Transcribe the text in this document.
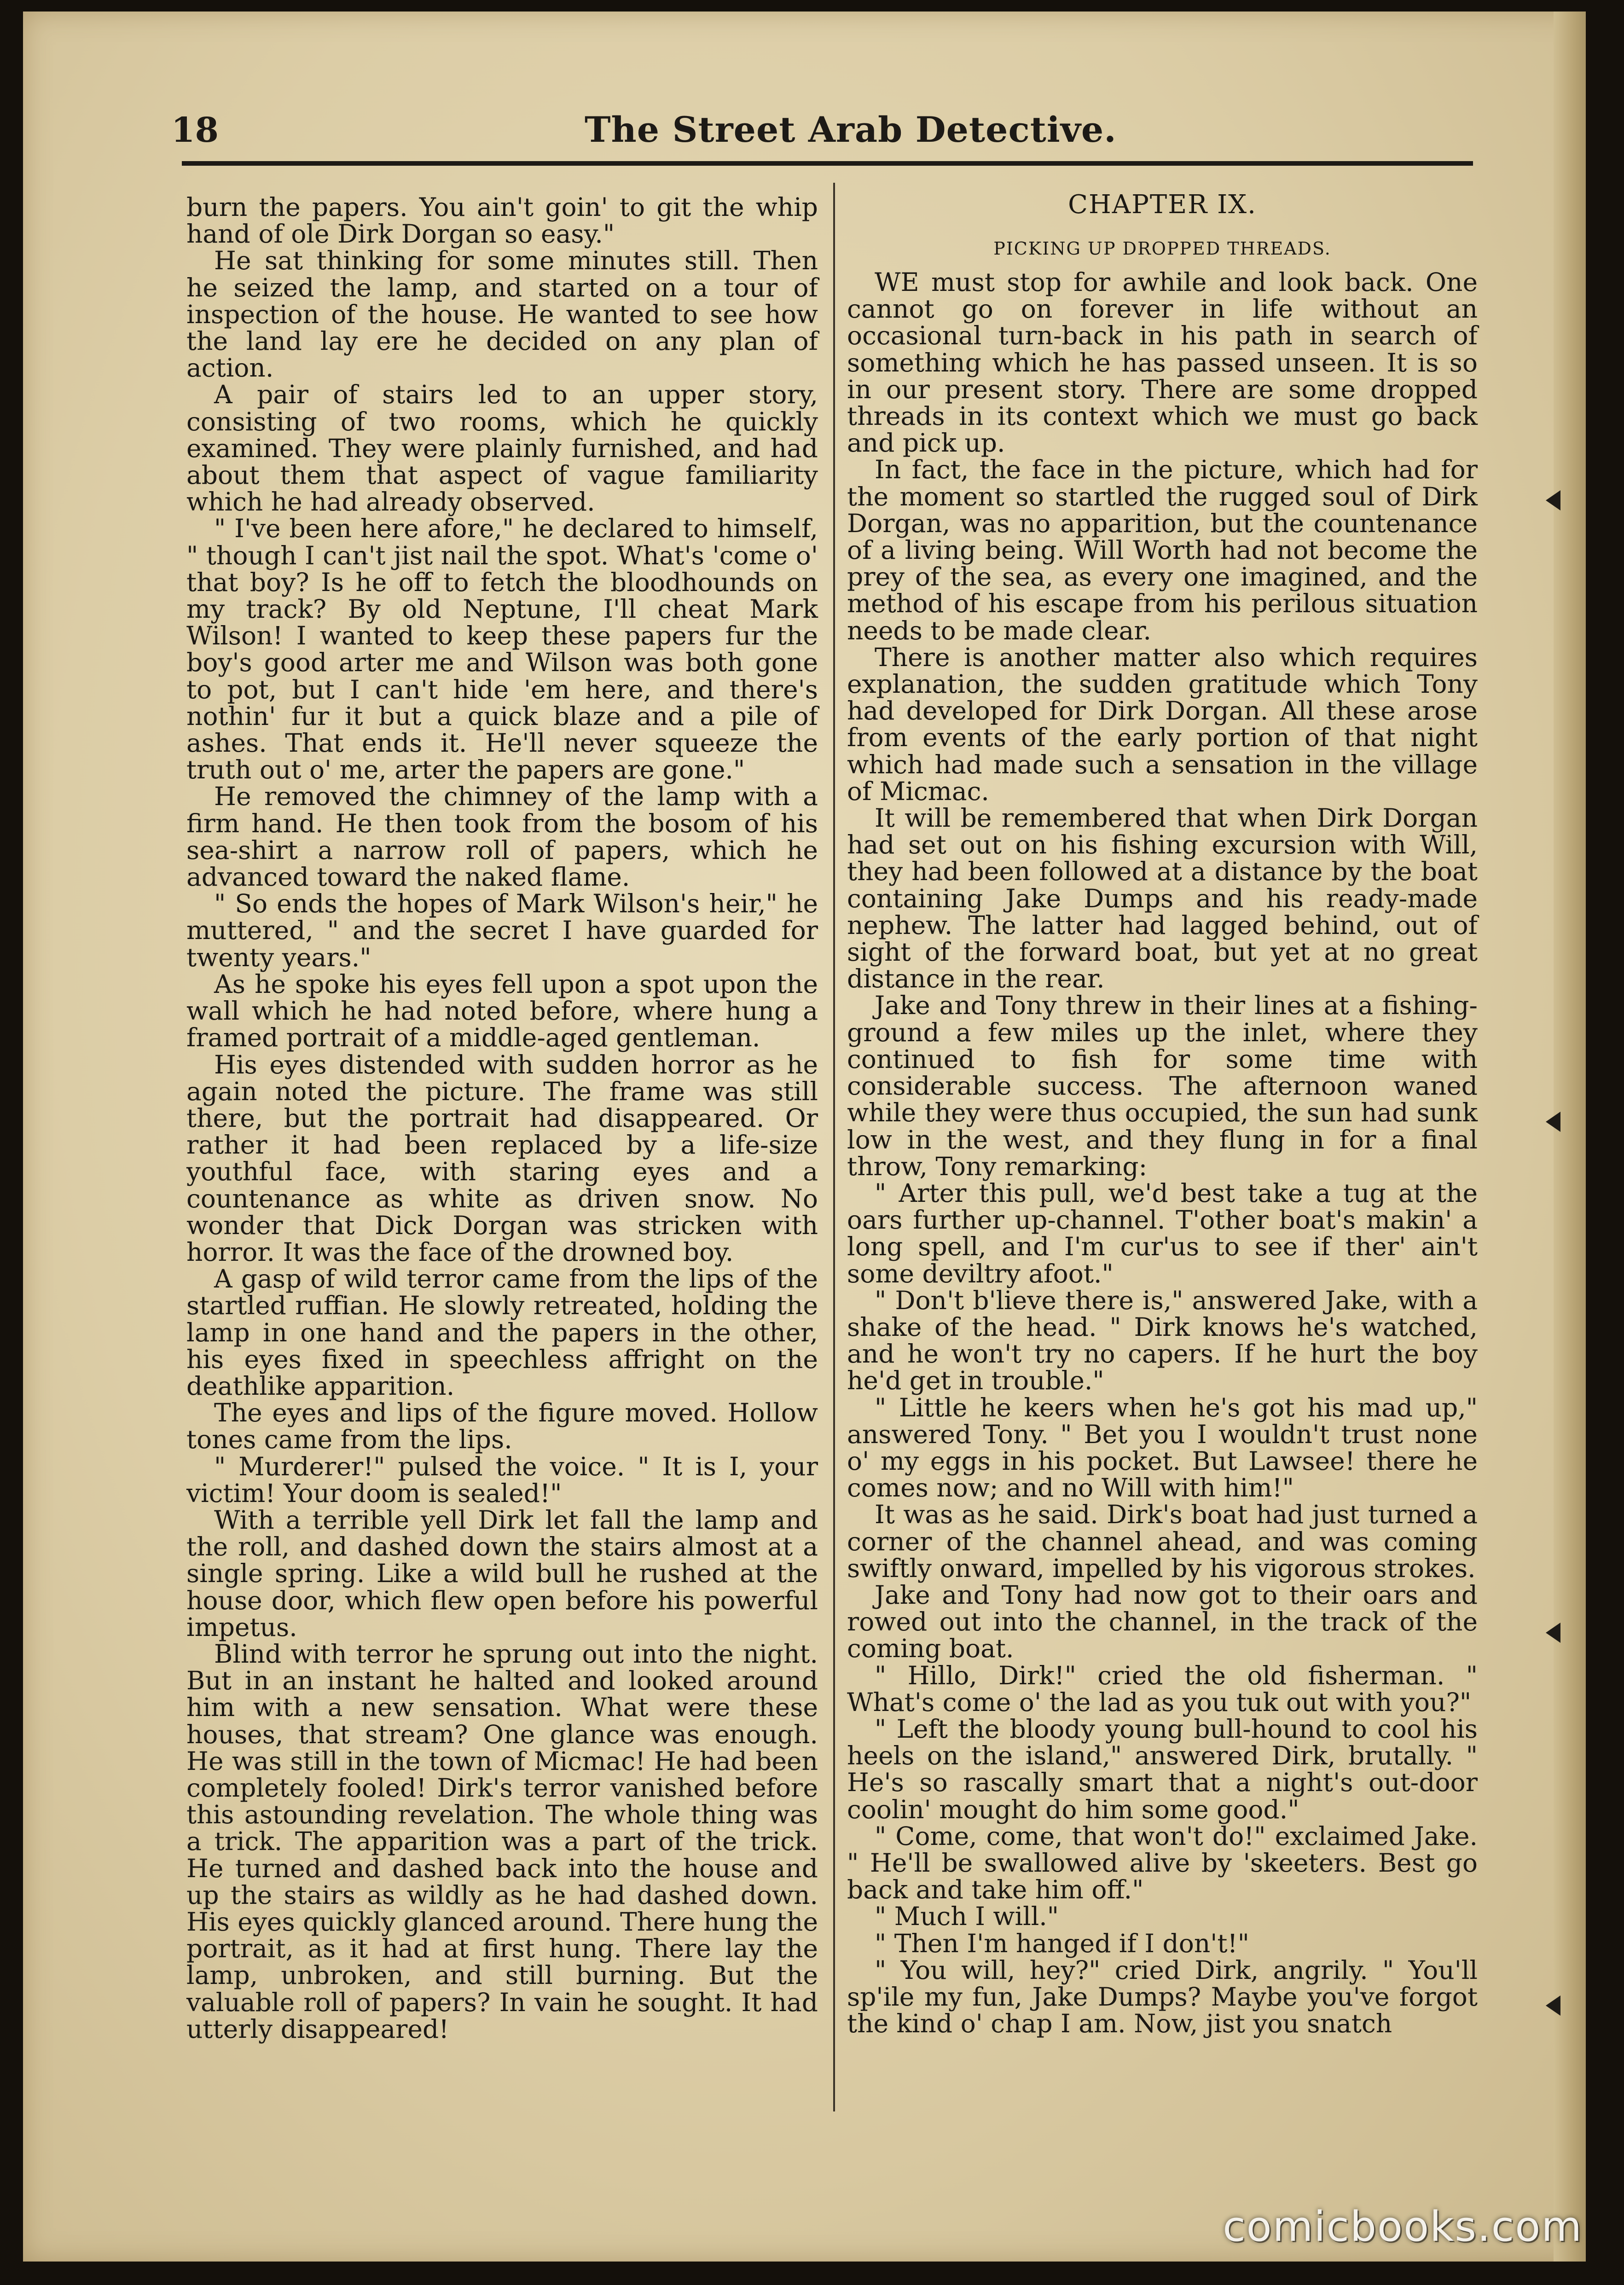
18	The Street Arab Detective.

burn the papers. You ain't goin' to git the whip hand of ole Dirk Dorgan so easy."

He sat thinking for some minutes still. Then he seized the lamp, and started on a tour of inspection of the house. He wanted to see how the land lay ere he decided on any plan of action.

A pair of stairs led to an upper story, consisting of two rooms, which he quickly examined. They were plainly furnished, and had about them that aspect of vague familiarity which he had already observed.

" I've been here afore," he declared to himself, " though I can't jist nail the spot. What's 'come o' that boy? Is he off to fetch the bloodhounds on my track? By old Neptune, I'll cheat Mark Wilson! I wanted to keep these papers fur the boy's good arter me and Wilson was both gone to pot, but I can't hide 'em here, and there's nothin' fur it but a quick blaze and a pile of ashes. That ends it. He'll never squeeze the truth out o' me, arter the papers are gone."

He removed the chimney of the lamp with a firm hand. He then took from the bosom of his sea-shirt a narrow roll of papers, which he advanced toward the naked flame.

" So ends the hopes of Mark Wilson's heir," he muttered, " and the secret I have guarded for twenty years."

As he spoke his eyes fell upon a spot upon the wall which he had noted before, where hung a framed portrait of a middle-aged gentleman.

His eyes distended with sudden horror as he again noted the picture. The frame was still there, but the portrait had disappeared. Or rather it had been replaced by a life-size youthful face, with staring eyes and a countenance as white as driven snow. No wonder that Dick Dorgan was stricken with horror. It was the face of the drowned boy.

A gasp of wild terror came from the lips of the startled ruffian. He slowly retreated, holding the lamp in one hand and the papers in the other, his eyes fixed in speechless affright on the deathlike apparition.

The eyes and lips of the figure moved. Hollow tones came from the lips.

" Murderer!" pulsed the voice. " It is I, your victim! Your doom is sealed!"

With a terrible yell Dirk let fall the lamp and the roll, and dashed down the stairs almost at a single spring. Like a wild bull he rushed at the house door, which flew open before his powerful impetus.

Blind with terror he sprung out into the night. But in an instant he halted and looked around him with a new sensation. What were these houses, that stream? One glance was enough. He was still in the town of Micmac! He had been completely fooled! Dirk's terror vanished before this astounding revelation. The whole thing was a trick. The apparition was a part of the trick. He turned and dashed back into the house and up the stairs as wildly as he had dashed down. His eyes quickly glanced around. There hung the portrait, as it had at first hung. There lay the lamp, unbroken, and still burning. But the valuable roll of papers? In vain he sought. It had utterly disappeared!

CHAPTER IX.
PICKING UP DROPPED THREADS.

WE must stop for awhile and look back. One cannot go on forever in life without an occasional turn-back in his path in search of something which he has passed unseen. It is so in our present story. There are some dropped threads in its context which we must go back and pick up.

In fact, the face in the picture, which had for the moment so startled the rugged soul of Dirk Dorgan, was no apparition, but the countenance of a living being. Will Worth had not become the prey of the sea, as every one imagined, and the method of his escape from his perilous situation needs to be made clear.

There is another matter also which requires explanation, the sudden gratitude which Tony had developed for Dirk Dorgan. All these arose from events of the early portion of that night which had made such a sensation in the village of Micmac.

It will be remembered that when Dirk Dorgan had set out on his fishing excursion with Will, they had been followed at a distance by the boat containing Jake Dumps and his ready-made nephew. The latter had lagged behind, out of sight of the forward boat, but yet at no great distance in the rear.

Jake and Tony threw in their lines at a fishing-ground a few miles up the inlet, where they continued to fish for some time with considerable success. The afternoon waned while they were thus occupied, the sun had sunk low in the west, and they flung in for a final throw, Tony remarking:

" Arter this pull, we'd best take a tug at the oars further up-channel. T'other boat's makin' a long spell, and I'm cur'us to see if ther' ain't some deviltry afoot."

" Don't b'lieve there is," answered Jake, with a shake of the head. " Dirk knows he's watched, and he won't try no capers. If he hurt the boy he'd get in trouble."

" Little he keers when he's got his mad up," answered Tony. " Bet you I wouldn't trust none o' my eggs in his pocket. But Lawsee! there he comes now; and no Will with him!"

It was as he said. Dirk's boat had just turned a corner of the channel ahead, and was coming swiftly onward, impelled by his vigorous strokes.

Jake and Tony had now got to their oars and rowed out into the channel, in the track of the coming boat.

" Hillo, Dirk!" cried the old fisherman. " What's come o' the lad as you tuk out with you?"

" Left the bloody young bull-hound to cool his heels on the island," answered Dirk, brutally. " He's so rascally smart that a night's out-door coolin' mought do him some good."

" Come, come, that won't do!" exclaimed Jake. " He'll be swallowed alive by 'skeeters. Best go back and take him off."

" Much I will."

" Then I'm hanged if I don't!"

" You will, hey?" cried Dirk, angrily. " You'll sp'ile my fun, Jake Dumps? Maybe you've forgot the kind o' chap I am. Now, jist you snatch

comicbooks.com
